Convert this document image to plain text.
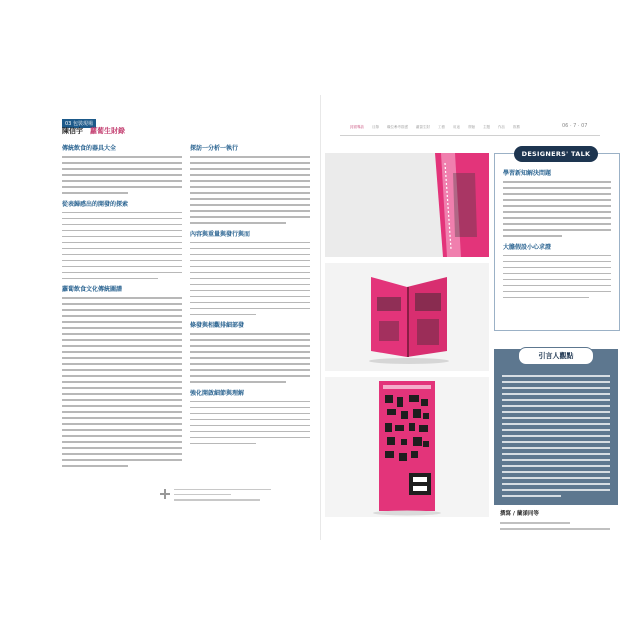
03 包裝現場
陳信宇 蘿蔔生財錄
傳統飲食的器具大全
從表歸感出的開發的探索
蘿蔔飲食文化傳統圖譜
探訪一分析一執行
內容與重量與發行與而
條發與相觀排細部發
強化開啟細節與理解
封面專訪 目錄 職位參考描畫 蘿蔔生財 工藝 用途 實驗 主題 作品 推薦	06 · 7 · 07
DESIGNERS' TALK
學習新知解決問題
大膽假設小心求證
引言人觀點
撰寫 / 蘭漾同等
